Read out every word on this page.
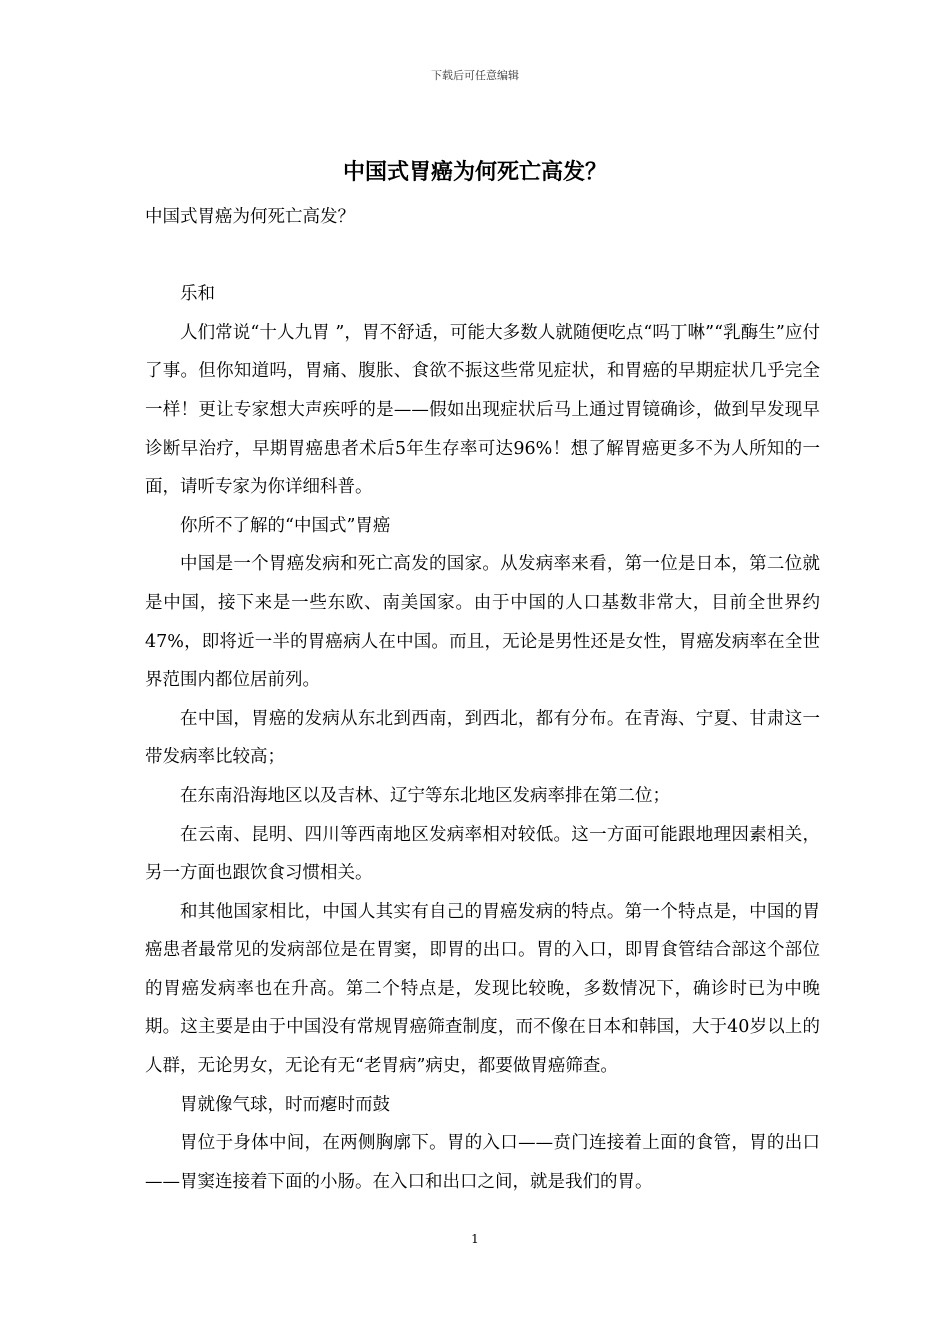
下载后可任意编辑
中国式胃癌为何死亡高发？

中国式胃癌为何死亡高发？

乐和

人们常说“十人九胃 ”，胃不舒适，可能大多数人就随便吃点“吗丁啉”“乳酶生”应付了事。但你知道吗，胃痛、腹胀、食欲不振这些常见症状，和胃癌的早期症状几乎完全一样！更让专家想大声疾呼的是——假如出现症状后马上通过胃镜确诊，做到早发现早诊断早治疗，早期胃癌患者术后5年生存率可达96%！想了解胃癌更多不为人所知的一面，请听专家为你详细科普。

你所不了解的“中国式”胃癌

中国是一个胃癌发病和死亡高发的国家。从发病率来看，第一位是日本，第二位就是中国，接下来是一些东欧、南美国家。由于中国的人口基数非常大，目前全世界约47%，即将近一半的胃癌病人在中国。而且，无论是男性还是女性，胃癌发病率在全世界范围内都位居前列。

在中国，胃癌的发病从东北到西南，到西北，都有分布。在青海、宁夏、甘肃这一带发病率比较高；

在东南沿海地区以及吉林、辽宁等东北地区发病率排在第二位；

在云南、昆明、四川等西南地区发病率相对较低。这一方面可能跟地理因素相关，另一方面也跟饮食习惯相关。

和其他国家相比，中国人其实有自己的胃癌发病的特点。第一个特点是，中国的胃癌患者最常见的发病部位是在胃窦，即胃的出口。胃的入口，即胃食管结合部这个部位的胃癌发病率也在升高。第二个特点是，发现比较晚，多数情况下，确诊时已为中晚期。这主要是由于中国没有常规胃癌筛查制度，而不像在日本和韩国，大于40岁以上的人群，无论男女，无论有无“老胃病”病史，都要做胃癌筛查。

胃就像气球，时而瘪时而鼓

胃位于身体中间，在两侧胸廓下。胃的入口——贲门连接着上面的食管，胃的出口——胃窦连接着下面的小肠。在入口和出口之间，就是我们的胃。

1
